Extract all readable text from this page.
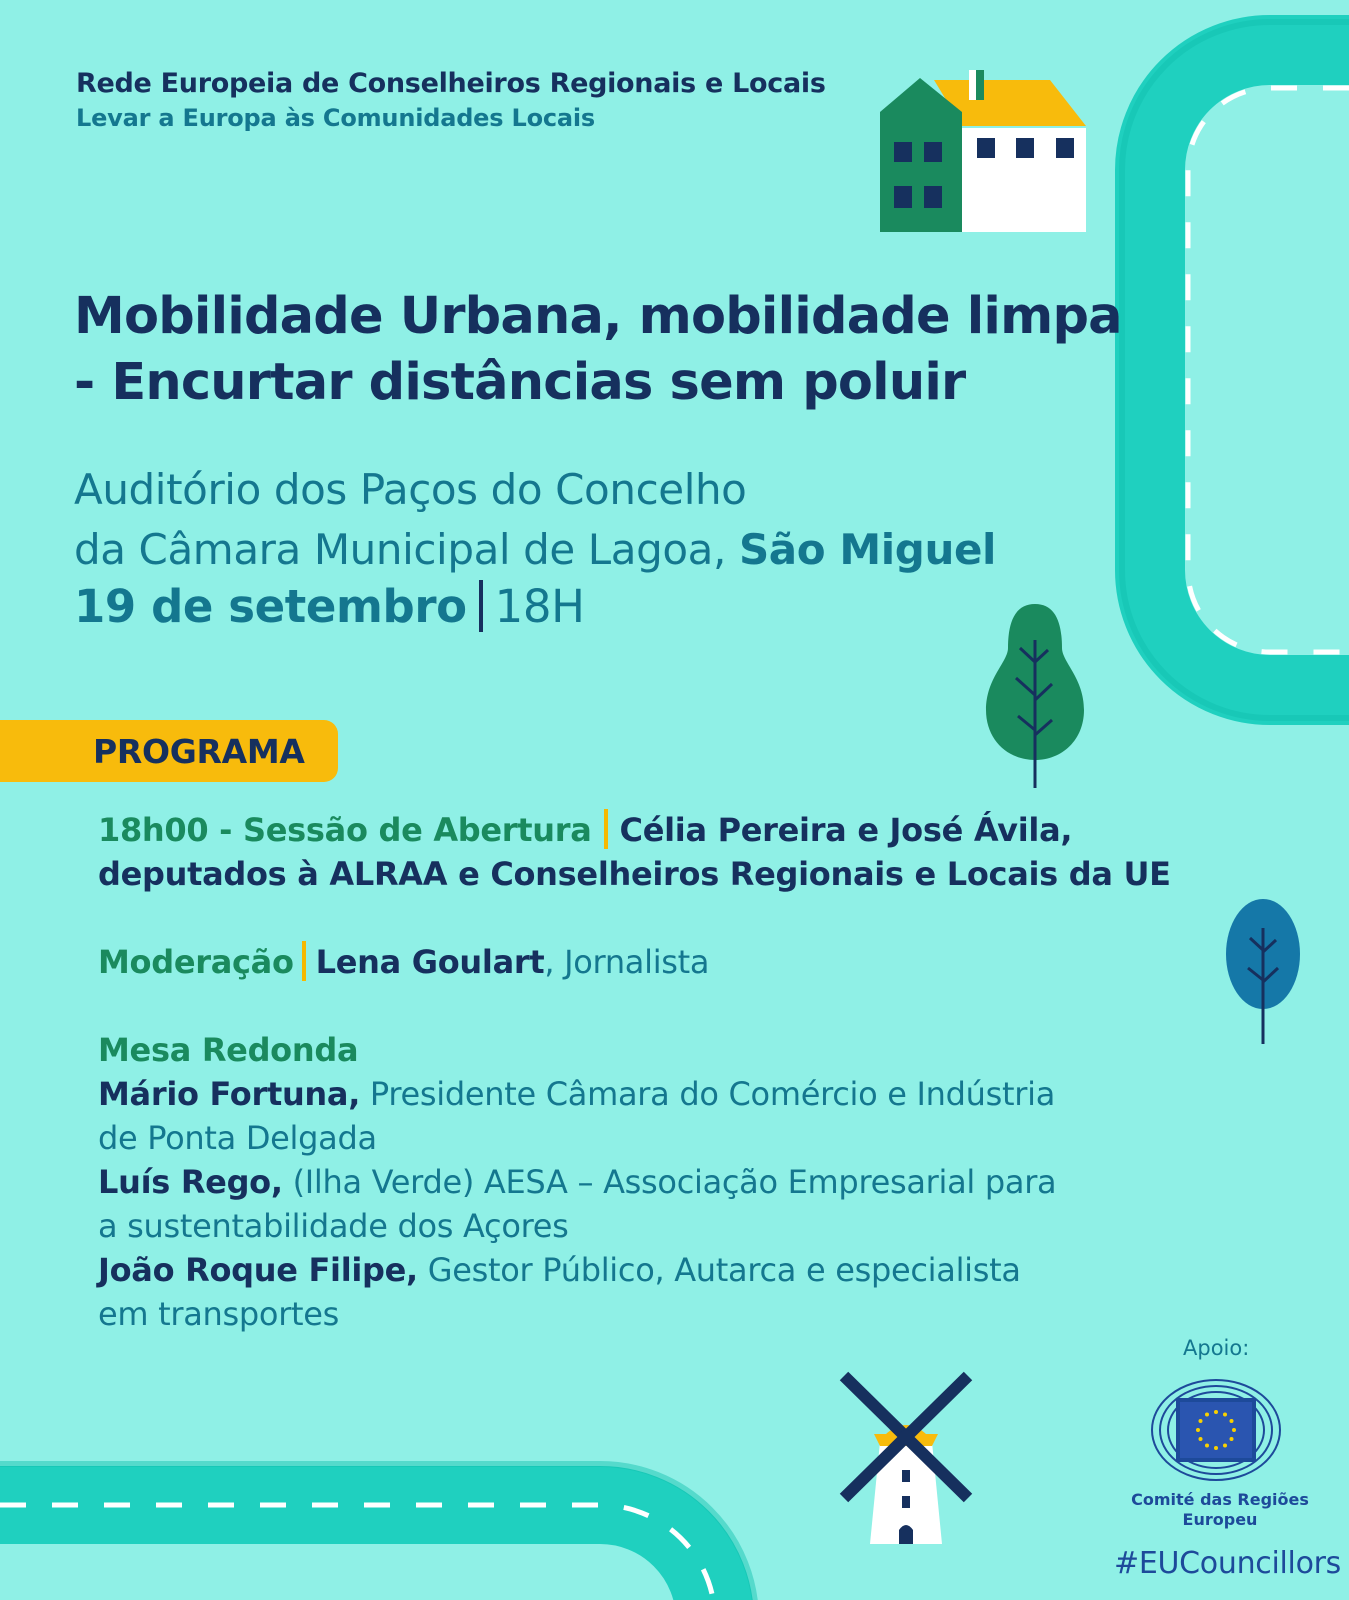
Rede Europeia de Conselheiros Regionais e Locais
Levar a Europa às Comunidades Locais
Mobilidade Urbana, mobilidade limpa
- Encurtar distâncias sem poluir
Auditório dos Paços do Concelho
da Câmara Municipal de Lagoa, São Miguel
19 de setembro 18H
PROGRAMA
18h00 - Sessão de Abertura Célia Pereira e José Ávila,
deputados à ALRAA e Conselheiros Regionais e Locais da UE
Moderação Lena Goulart, Jornalista
Mesa Redonda
Mário Fortuna, Presidente Câmara do Comércio e Indústria
de Ponta Delgada
Luís Rego, (Ilha Verde) AESA – Associação Empresarial para
a sustentabilidade dos Açores
João Roque Filipe, Gestor Público, Autarca e especialista
em transportes
Apoio:
Comité das Regiões
Europeu
#EUCouncillors
